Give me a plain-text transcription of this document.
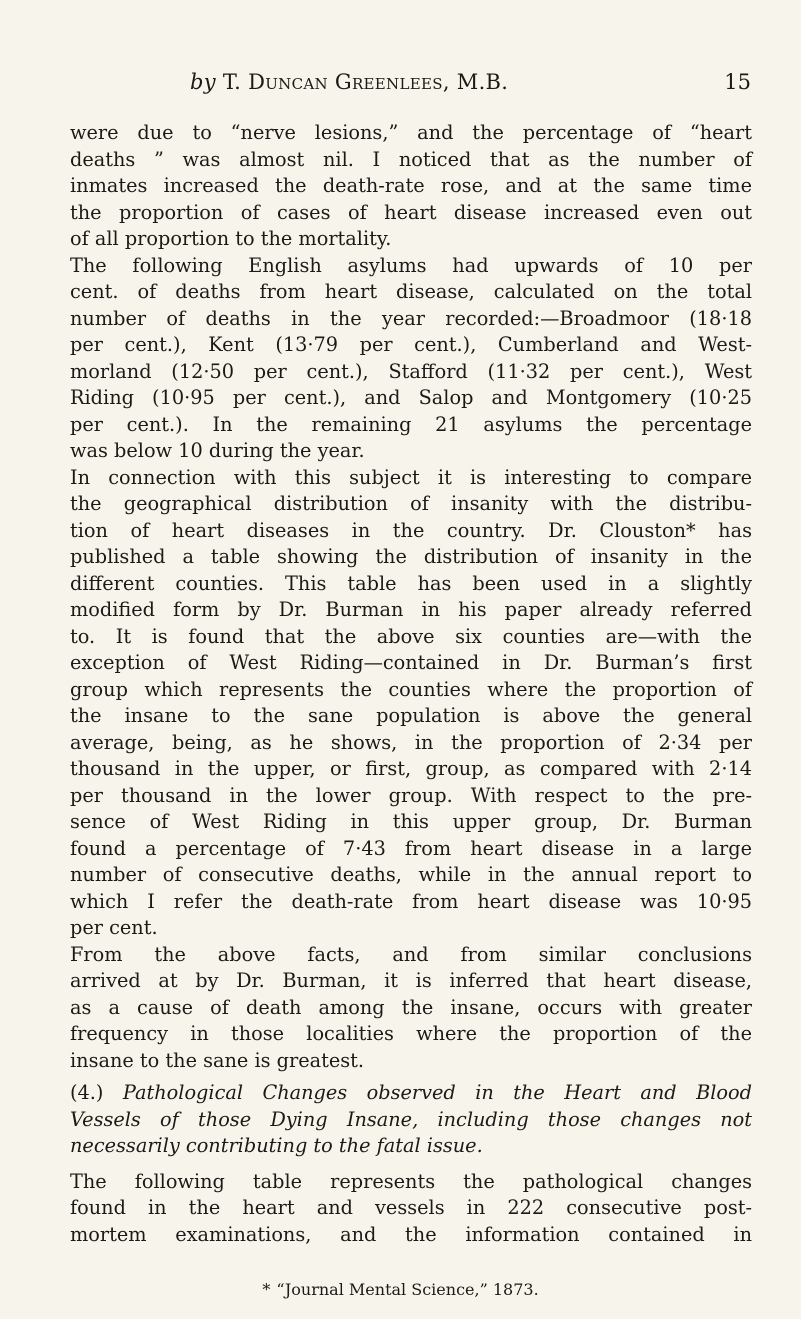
by T. Duncan Greenlees, M.B.	15

were due to “nerve lesions,” and the percentage of “heart
deaths ” was almost nil. I noticed that as the number of
inmates increased the death-rate rose, and at the same time
the proportion of cases of heart disease increased even out
of all proportion to the mortality.

The following English asylums had upwards of 10 per
cent. of deaths from heart disease, calculated on the total
number of deaths in the year recorded:—Broadmoor (18·18
per cent.), Kent (13·79 per cent.), Cumberland and West-
morland (12·50 per cent.), Stafford (11·32 per cent.), West
Riding (10·95 per cent.), and Salop and Montgomery (10·25
per cent.). In the remaining 21 asylums the percentage
was below 10 during the year.

In connection with this subject it is interesting to compare
the geographical distribution of insanity with the distribu-
tion of heart diseases in the country. Dr. Clouston* has
published a table showing the distribution of insanity in the
different counties. This table has been used in a slightly
modified form by Dr. Burman in his paper already referred
to. It is found that the above six counties are—with the
exception of West Riding—contained in Dr. Burman’s first
group which represents the counties where the proportion of
the insane to the sane population is above the general
average, being, as he shows, in the proportion of 2·34 per
thousand in the upper, or first, group, as compared with 2·14
per thousand in the lower group. With respect to the pre-
sence of West Riding in this upper group, Dr. Burman
found a percentage of 7·43 from heart disease in a large
number of consecutive deaths, while in the annual report to
which I refer the death-rate from heart disease was 10·95
per cent.

From the above facts, and from similar conclusions
arrived at by Dr. Burman, it is inferred that heart disease,
as a cause of death among the insane, occurs with greater
frequency in those localities where the proportion of the
insane to the sane is greatest.

(4.) Pathological Changes observed in the Heart and Blood
Vessels of those Dying Insane, including those changes not
necessarily contributing to the fatal issue.

The following table represents the pathological changes
found in the heart and vessels in 222 consecutive post-
mortem examinations, and the information contained in

* “Journal Mental Science,” 1873.
